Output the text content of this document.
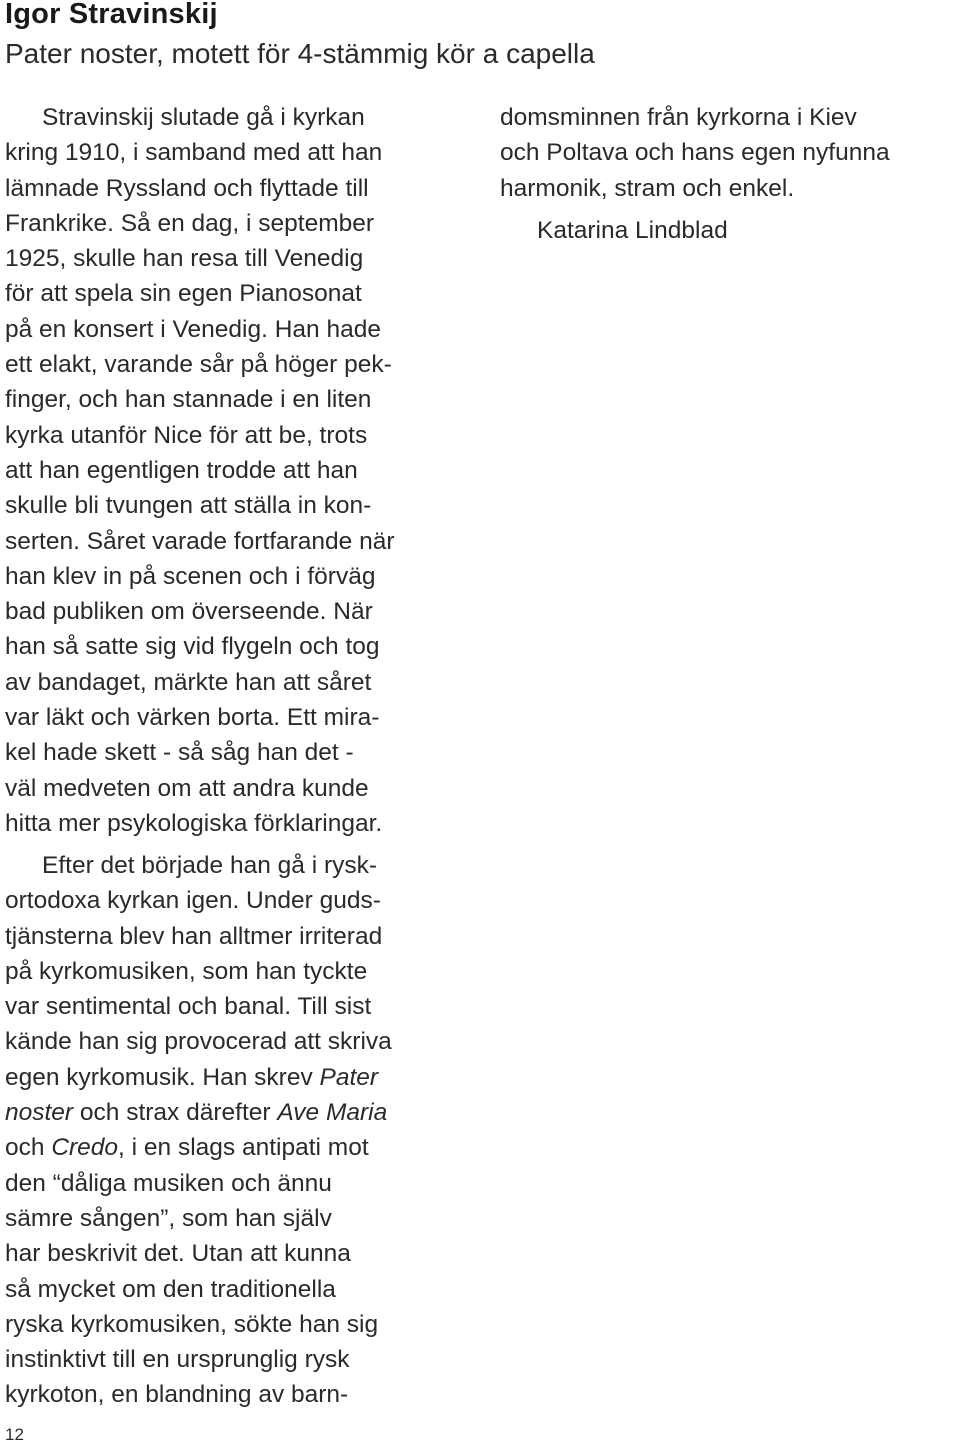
Igor Stravinskij
Pater noster, motett för 4-stämmig kör a capella
Stravinskij slutade gå i kyrkan
kring 1910, i samband med att han
lämnade Ryssland och flyttade till
Frankrike. Så en dag, i september
1925, skulle han resa till Venedig
för att spela sin egen Pianosonat
på en konsert i Venedig. Han hade
ett elakt, varande sår på höger pek-
finger, och han stannade i en liten
kyrka utanför Nice för att be, trots
att han egentligen trodde att han
skulle bli tvungen att ställa in kon-
serten. Såret varade fortfarande när
han klev in på scenen och i förväg
bad publiken om överseende. När
han så satte sig vid flygeln och tog
av bandaget, märkte han att såret
var läkt och värken borta. Ett mira-
kel hade skett - så såg han det -
väl medveten om att andra kunde
hitta mer psykologiska förklaringar.
Efter det började han gå i rysk-
ortodoxa kyrkan igen. Under guds-
tjänsterna blev han alltmer irriterad
på kyrkomusiken, som han tyckte
var sentimental och banal. Till sist
kände han sig provocerad att skriva
egen kyrkomusik. Han skrev Pater
noster och strax därefter Ave Maria
och Credo, i en slags antipati mot
den “dåliga musiken och ännu
sämre sången”, som han själv
har beskrivit det. Utan att kunna
så mycket om den traditionella
ryska kyrkomusiken, sökte han sig
instinktivt till en ursprunglig rysk
kyrkoton, en blandning av barn-
domsminnen från kyrkorna i Kiev
och Poltava och hans egen nyfunna
harmonik, stram och enkel.

Katarina Lindblad

12
